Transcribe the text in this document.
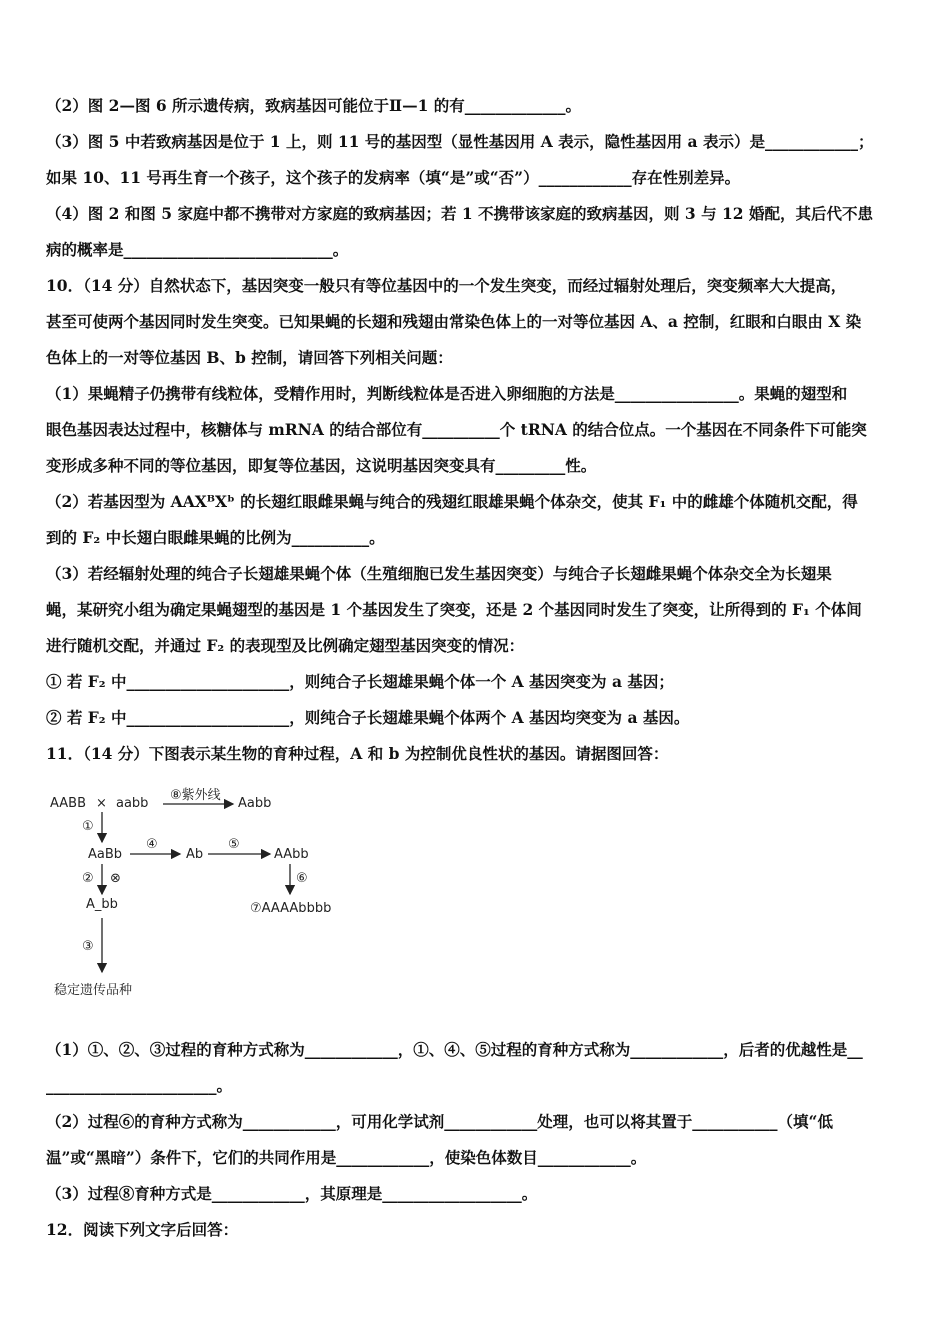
（2）图 2—图 6 所示遗传病，致病基因可能位于Ⅱ—1 的有_____________。
（3）图 5 中若致病基因是位于 1 上，则 11 号的基因型（显性基因用 A 表示，隐性基因用 a 表示）是____________；
如果 10、11 号再生育一个孩子，这个孩子的发病率（填“是”或“否”）____________存在性别差异。
（4）图 2 和图 5 家庭中都不携带对方家庭的致病基因；若 1 不携带该家庭的致病基因，则 3 与 12 婚配，其后代不患
病的概率是___________________________。
10．（14 分）自然状态下，基因突变一般只有等位基因中的一个发生突变，而经过辐射处理后，突变频率大大提高，
甚至可使两个基因同时发生突变。已知果蝇的长翅和残翅由常染色体上的一对等位基因 A、a 控制，红眼和白眼由 X 染
色体上的一对等位基因 B、b 控制，请回答下列相关问题：
（1）果蝇精子仍携带有线粒体，受精作用时，判断线粒体是否进入卵细胞的方法是________________。果蝇的翅型和
眼色基因表达过程中，核糖体与 mRNA 的结合部位有__________个 tRNA 的结合位点。一个基因在不同条件下可能突
变形成多种不同的等位基因，即复等位基因，这说明基因突变具有_________性。
（2）若基因型为 AAXᴮXᵇ 的长翅红眼雌果蝇与纯合的残翅红眼雄果蝇个体杂交，使其 F₁ 中的雌雄个体随机交配，得
到的 F₂ 中长翅白眼雌果蝇的比例为__________。
（3）若经辐射处理的纯合子长翅雄果蝇个体（生殖细胞已发生基因突变）与纯合子长翅雌果蝇个体杂交全为长翅果
蝇，某研究小组为确定果蝇翅型的基因是 1 个基因发生了突变，还是 2 个基因同时发生了突变，让所得到的 F₁ 个体间
进行随机交配，并通过 F₂ 的表现型及比例确定翅型基因突变的情况：
① 若 F₂ 中_____________________，则纯合子长翅雄果蝇个体一个 A 基因突变为 a 基因；
② 若 F₂ 中_____________________，则纯合子长翅雄果蝇个体两个 A 基因均突变为 a 基因。
11．（14 分）下图表示某生物的育种过程，A 和 b 为控制优良性状的基因。请据图回答：
AABB × aabb
⑧紫外线
Aabb
①
AaBb
④
Ab
⑤
AAbb
② ⊗	⑥
A_bb	⑦AAAAbbbb
③
稳定遗传品种
（1）①、②、③过程的育种方式称为____________，①、④、⑤过程的育种方式称为____________，后者的优越性是__
______________________。
（2）过程⑥的育种方式称为____________，可用化学试剂____________处理，也可以将其置于___________（填“低
温”或“黑暗”）条件下，它们的共同作用是____________，使染色体数目____________。
（3）过程⑧育种方式是____________，其原理是__________________。
12．阅读下列文字后回答：
